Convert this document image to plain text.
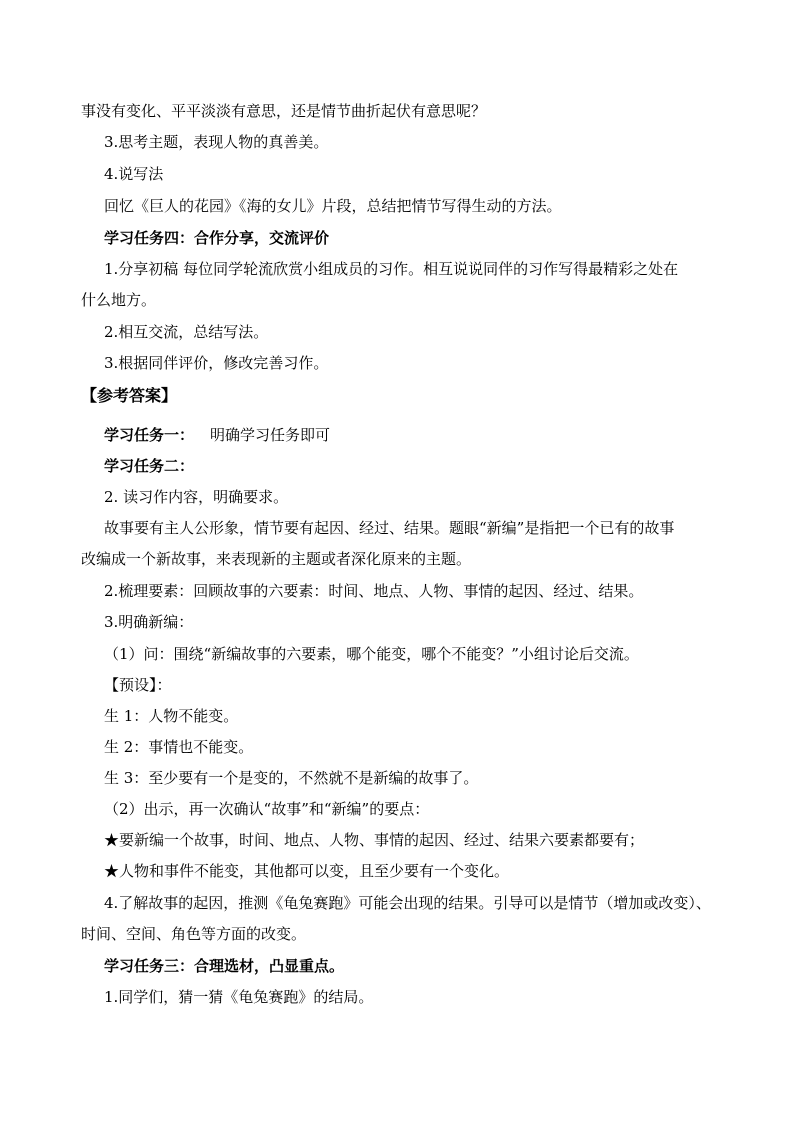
事没有变化、平平淡淡有意思，还是情节曲折起伏有意思呢？
3.思考主题，表现人物的真善美。
4.说写法
回忆《巨人的花园》《海的女儿》片段，总结把情节写得生动的方法。
学习任务四：合作分享，交流评价
1.分享初稿 每位同学轮流欣赏小组成员的习作。相互说说同伴的习作写得最精彩之处在
什么地方。
2.相互交流，总结写法。
3.根据同伴评价，修改完善习作。
【参考答案】
学习任务一： 明确学习任务即可
学习任务二：
2. 读习作内容，明确要求。
故事要有主人公形象，情节要有起因、经过、结果。题眼“新编”是指把一个已有的故事
改编成一个新故事，来表现新的主题或者深化原来的主题。
2.梳理要素：回顾故事的六要素：时间、地点、人物、事情的起因、经过、结果。
3.明确新编：
（1）问：围绕“新编故事的六要素，哪个能变，哪个不能变？”小组讨论后交流。
【预设】：
生 1：人物不能变。
生 2：事情也不能变。
生 3：至少要有一个是变的，不然就不是新编的故事了。
（2）出示，再一次确认“故事”和“新编”的要点：
★要新编一个故事，时间、地点、人物、事情的起因、经过、结果六要素都要有；
★人物和事件不能变，其他都可以变，且至少要有一个变化。
4.了解故事的起因，推测《龟兔赛跑》可能会出现的结果。引导可以是情节（增加或改变）、
时间、空间、角色等方面的改变。
学习任务三：合理选材，凸显重点。
1.同学们，猜一猜《龟兔赛跑》的结局。
